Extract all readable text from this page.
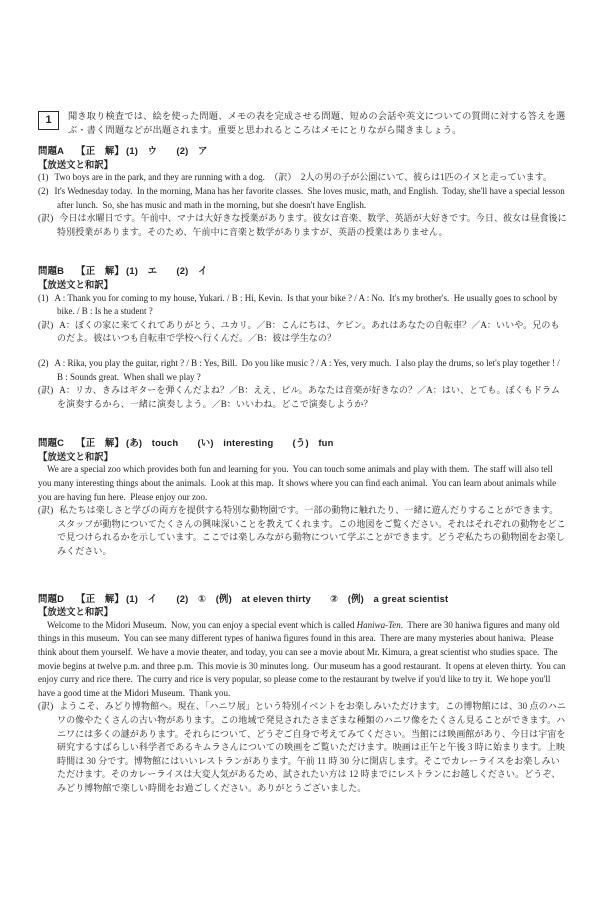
1	聞き取り検査では、絵を使った問題、メモの表を完成させる問題、短めの会話や英文についての質問に対する答えを選ぶ・書く問題などが出題されます。重要と思われるところはメモにとりながら聞きましょう。

問題A 【正　解】 (1)　ウ　　(2)　ア

【放送文と和訳】

(1) Two boys are in the park, and they are running with a dog.　（訳）　2人の男の子が公園にいて、彼らは1匹のイヌと走っています。

(2) It's Wednesday today.  In the morning, Mana has her favorite classes.  She loves music, math, and English.  Today, she'll have a special lesson after lunch.  So, she has music and math in the morning, but she doesn't have English.

(訳) 今日は水曜日です。午前中、マナは大好きな授業があります。彼女は音楽、数学、英語が大好きです。今日、彼女は昼食後に特別授業があります。そのため、午前中に音楽と数学がありますが、英語の授業はありません。

問題B 【正　解】 (1)　エ　　(2)　イ

【放送文と和訳】

(1) A : Thank you for coming to my house, Yukari. / B : Hi, Kevin.  Is that your bike ? / A : No.  It's my brother's.  He usually goes to school by bike. / B : Is he a student ?

(訳) A：ぼくの家に来てくれてありがとう、ユカリ。／B：こんにちは、ケビン。あれはあなたの自転車？／A：いいや。兄のものだよ。彼はいつも自転車で学校へ行くんだ。／B：彼は学生なの？

(2) A : Rika, you play the guitar, right ? / B : Yes, Bill.  Do you like music ? / A : Yes, very much.  I also play the drums, so let's play together ! / B : Sounds great.  When shall we play ?

(訳) A：リカ、きみはギターを弾くんだよね？／B：ええ、ビル。あなたは音楽が好きなの？／A：はい、とても。ぼくもドラムを演奏するから、一緒に演奏しよう。／B：いいわね。どこで演奏しようか？

問題C 【正　解】 (あ)　touch　　(い)　interesting　　(う)　fun

【放送文と和訳】

We are a special zoo which provides both fun and learning for you.  You can touch some animals and play with them.  The staff will also tell you many interesting things about the animals.  Look at this map.  It shows where you can find each animal.  You can learn about animals while you are having fun here.  Please enjoy our zoo.

(訳) 私たちは楽しさと学びの両方を提供する特別な動物園です。一部の動物に触れたり、一緒に遊んだりすることができます。スタッフが動物についてたくさんの興味深いことを教えてくれます。この地図をご覧ください。それはそれぞれの動物をどこで見つけられるかを示しています。ここでは楽しみながら動物について学ぶことができます。どうぞ私たちの動物園をお楽しみください。

問題D 【正　解】 (1)　イ　　(2)　①　(例)　at eleven thirty　　②　(例)　a great scientist

【放送文と和訳】

Welcome to the Midori Museum.  Now, you can enjoy a special event which is called Haniwa-Ten.  There are 30 haniwa figures and many old things in this museum.  You can see many different types of haniwa figures found in this area.  There are many mysteries about haniwa.  Please think about them yourself.  We have a movie theater, and today, you can see a movie about Mr. Kimura, a great scientist who studies space.  The movie begins at twelve p.m. and three p.m.  This movie is 30 minutes long.  Our museum has a good restaurant.  It opens at eleven thirty.  You can enjoy curry and rice there.  The curry and rice is very popular, so please come to the restaurant by twelve if you'd like to try it.  We hope you'll have a good time at the Midori Museum.  Thank you.

(訳) ようこそ、みどり博物館へ。現在、「ハニワ展」という特別イベントをお楽しみいただけます。この博物館には、30 点のハニワの像やたくさんの古い物があります。この地域で発見されたさまざまな種類のハニワ像をたくさん見ることができます。ハニワには多くの謎があります。それらについて、どうぞご自身で考えてみてください。当館には映画館があり、今日は宇宙を研究するすばらしい科学者であるキムラさんについての映画をご覧いただけます。映画は正午と午後 3 時に始まります。上映時間は 30 分です。博物館にはいいレストランがあります。午前 11 時 30 分に開店します。そこでカレーライスをお楽しみいただけます。そのカレーライスは大変人気があるため、試されたい方は 12 時までにレストランにお越しください。どうぞ、みどり博物館で楽しい時間をお過ごしください。ありがとうございました。
